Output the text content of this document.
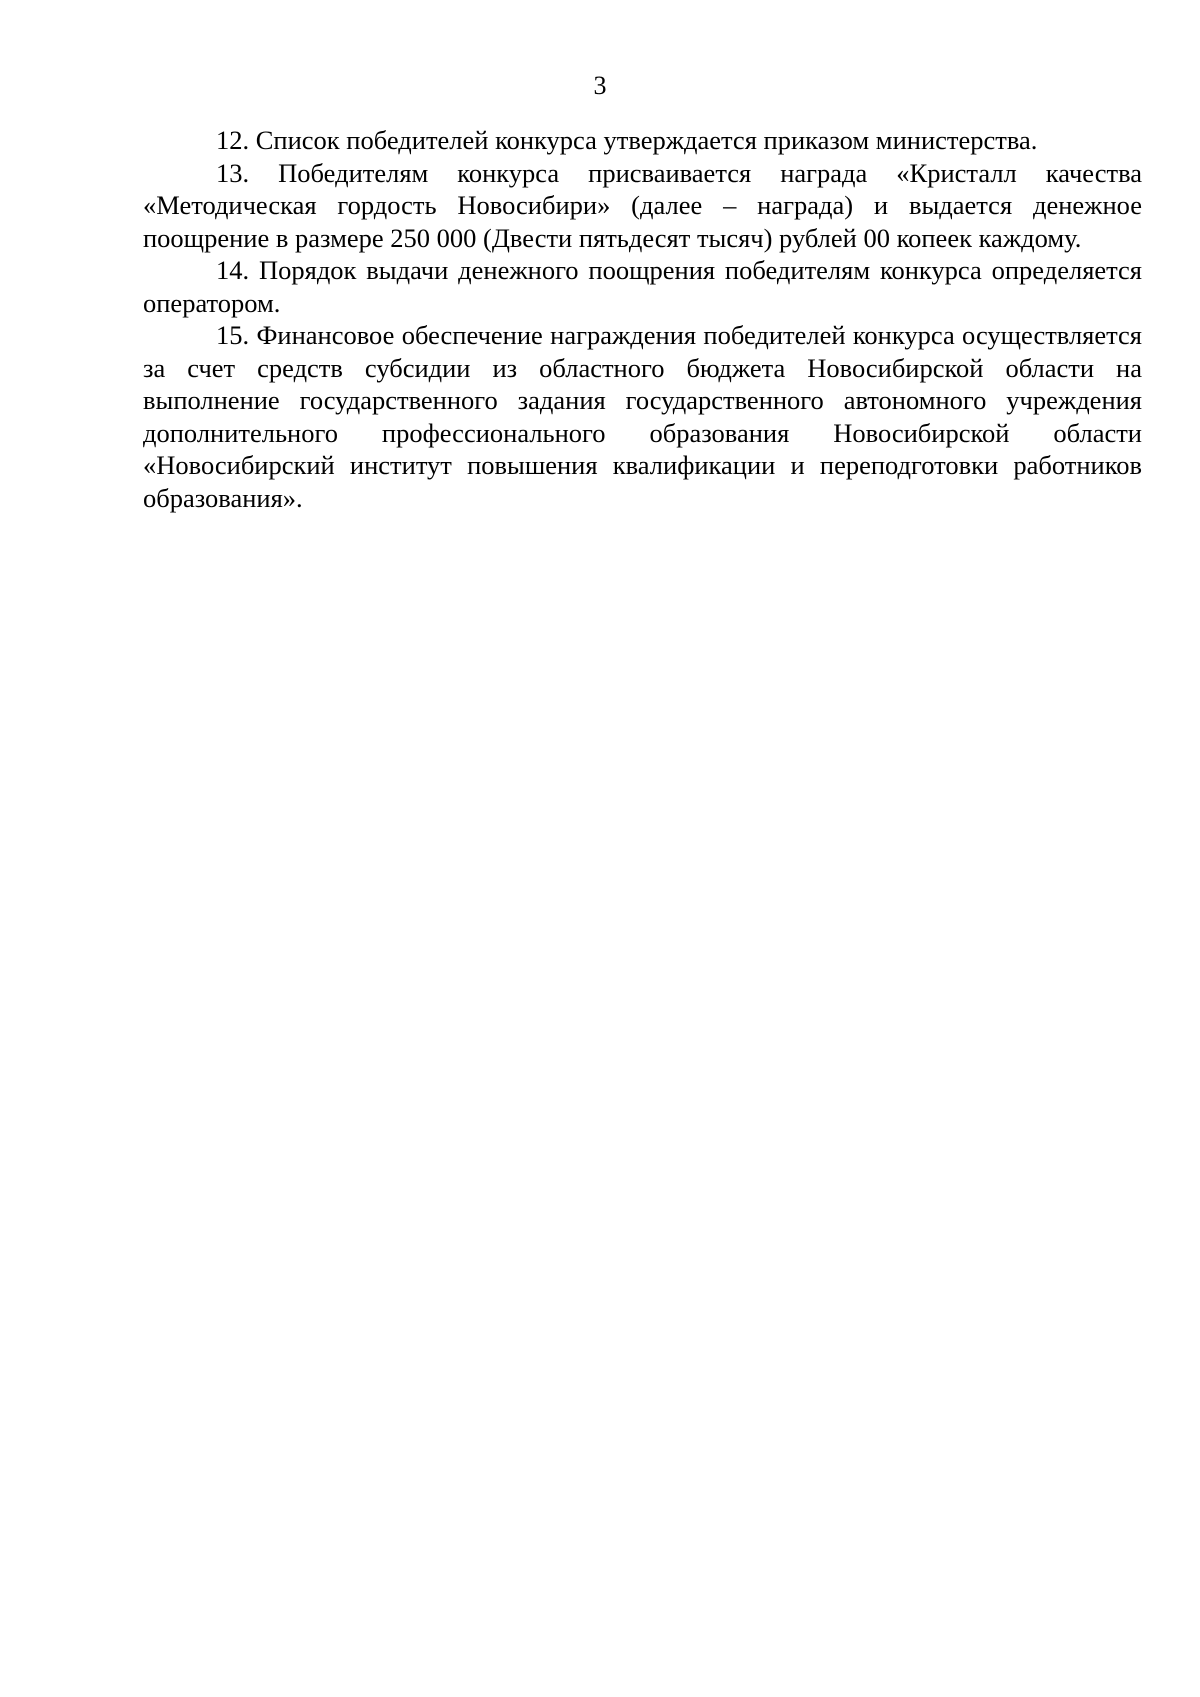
3

12. Список победителей конкурса утверждается приказом министерства.

13. Победителям конкурса присваивается награда «Кристалл качества «Методическая гордость Новосибири» (далее – награда) и выдается денежное поощрение в размере 250 000 (Двести пятьдесят тысяч) рублей 00 копеек каждому.

14. Порядок выдачи денежного поощрения победителям конкурса определяется оператором.

15. Финансовое обеспечение награждения победителей конкурса осуществляется за счет средств субсидии из областного бюджета Новосибирской области на выполнение государственного задания государственного автономного учреждения дополнительного профессионального образования Новосибирской области «Новосибирский институт повышения квалификации и переподготовки работников образования».
